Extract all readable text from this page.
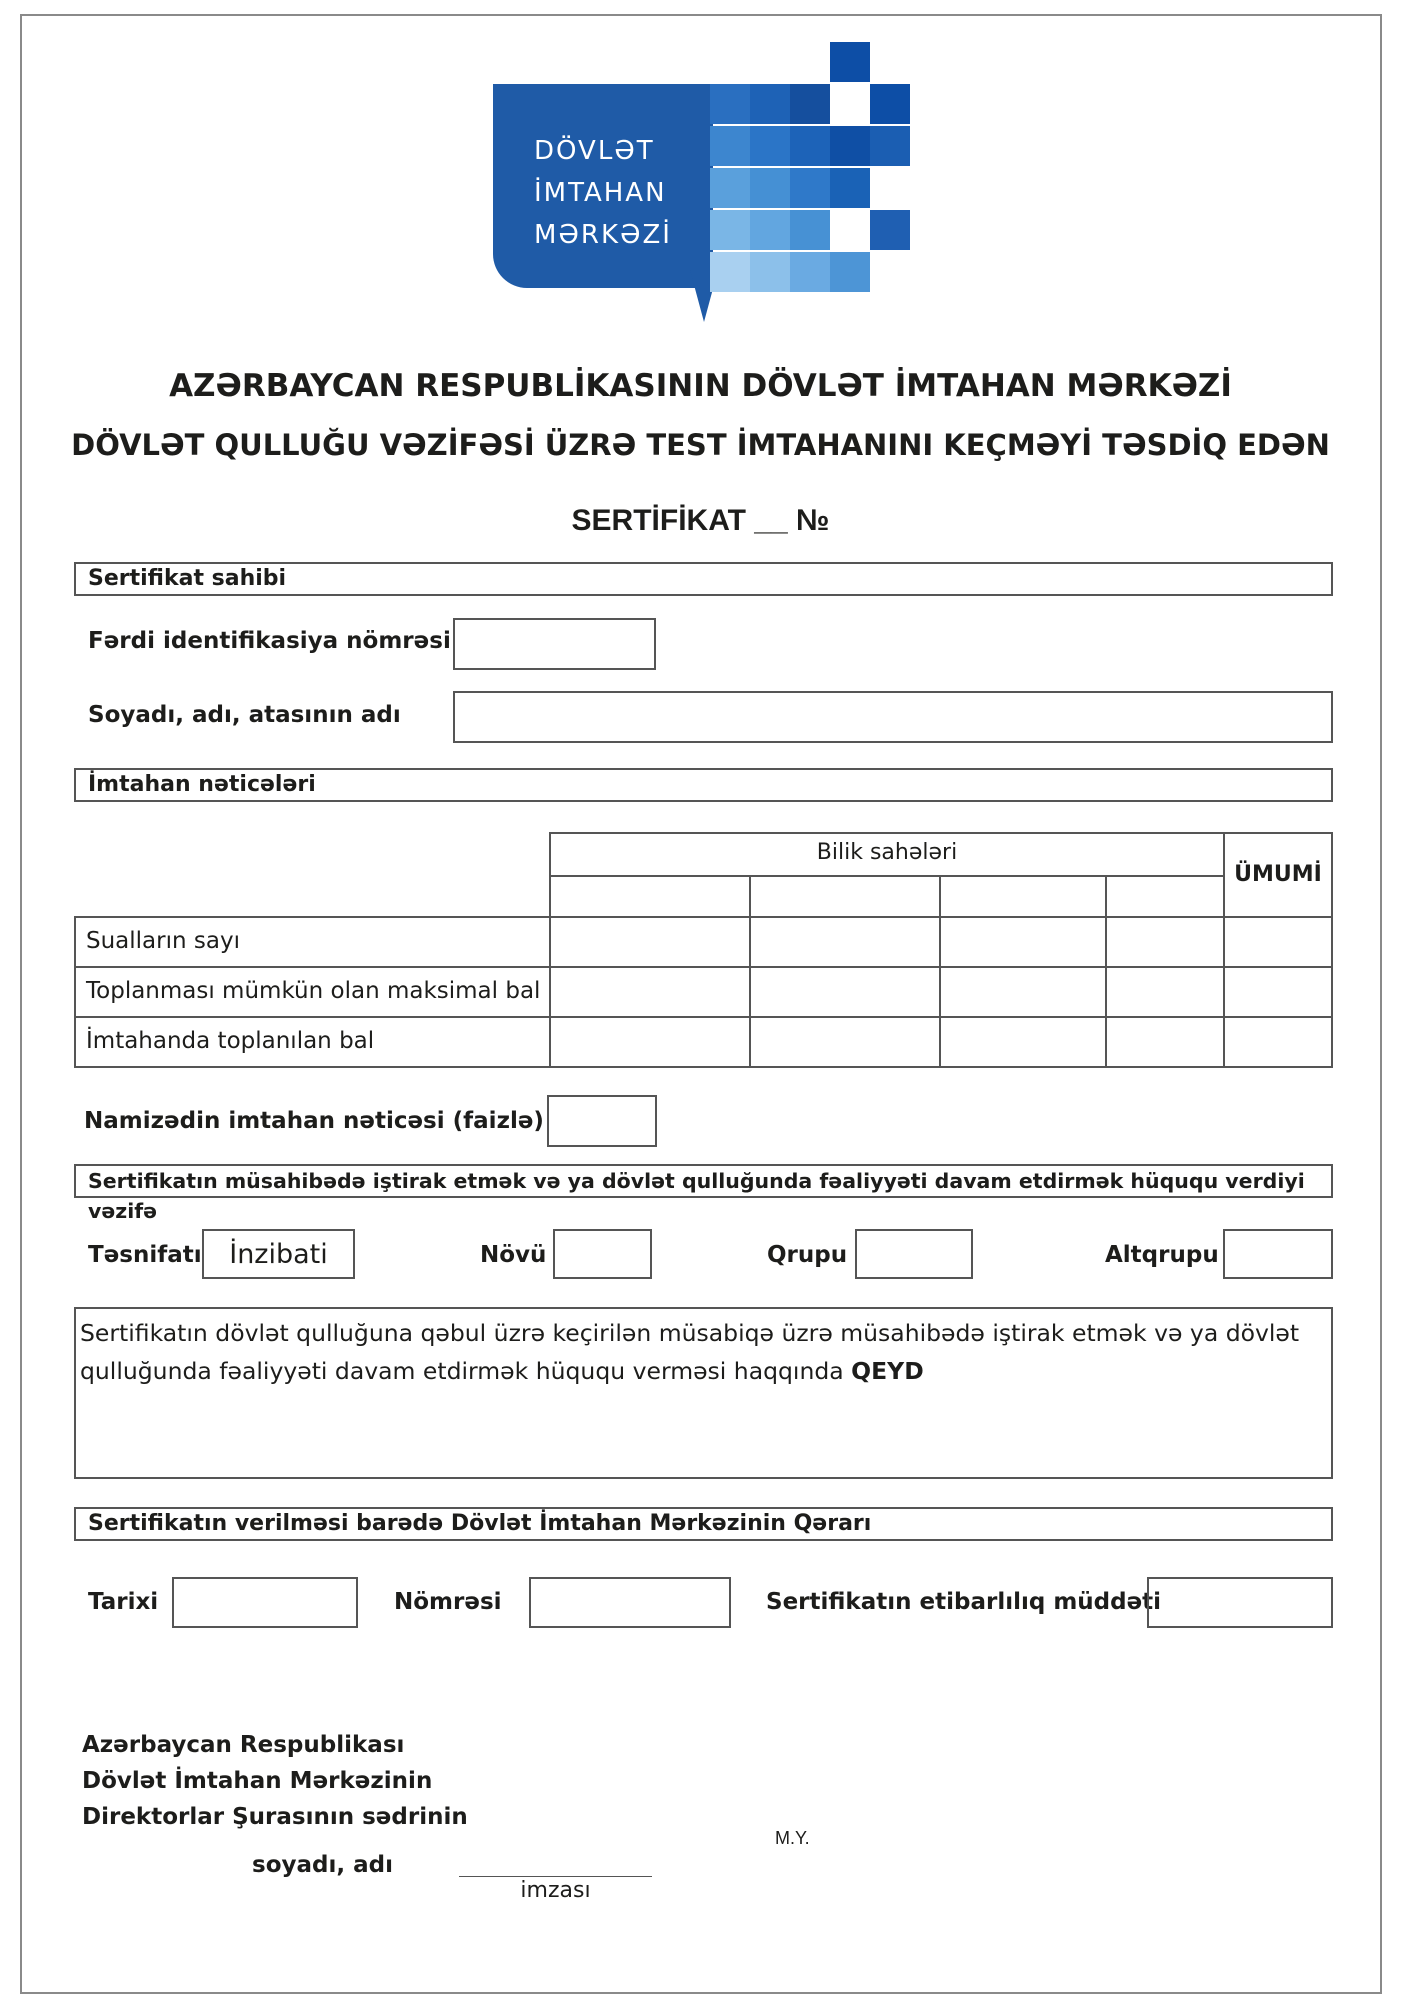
DÖVLƏT
İMTAHAN
MƏRKƏZİ
AZƏRBAYCAN RESPUBLİKASININ DÖVLƏT İMTAHAN MƏRKƏZİ
DÖVLƏT QULLUĞU VƏZİFƏSİ ÜZRƏ TEST İMTAHANINI KEÇMƏYİ TƏSDİQ EDƏN
SERTİFİKAT __ №
Sertifikat sahibi
Fərdi identifikasiya nömrəsi
Soyadı, adı, atasının adı
İmtahan nəticələri
Bilik sahələri
ÜMUMİ
Sualların sayı
Toplanması mümkün olan maksimal bal
İmtahanda toplanılan bal
Namizədin imtahan nəticəsi (faizlə)
Sertifikatın müsahibədə iştirak etmək və ya dövlət qulluğunda fəaliyyəti davam etdirmək hüququ verdiyi vəzifə
Təsnifatı	İnzibati	Növü	Qrupu	Altqrupu
Sertifikatın dövlət qulluğuna qəbul üzrə keçirilən müsabiqə üzrə müsahibədə iştirak etmək və ya dövlət qulluğunda fəaliyyəti davam etdirmək hüququ verməsi haqqında QEYD
Sertifikatın verilməsi barədə Dövlət İmtahan Mərkəzinin Qərarı
Tarixi	Nömrəsi	Sertifikatın etibarlılıq müddəti
Azərbaycan Respublikası
Dövlət İmtahan Mərkəzinin
Direktorlar Şurasının sədrinin
soyadı, adı
imzası
M.Y.
